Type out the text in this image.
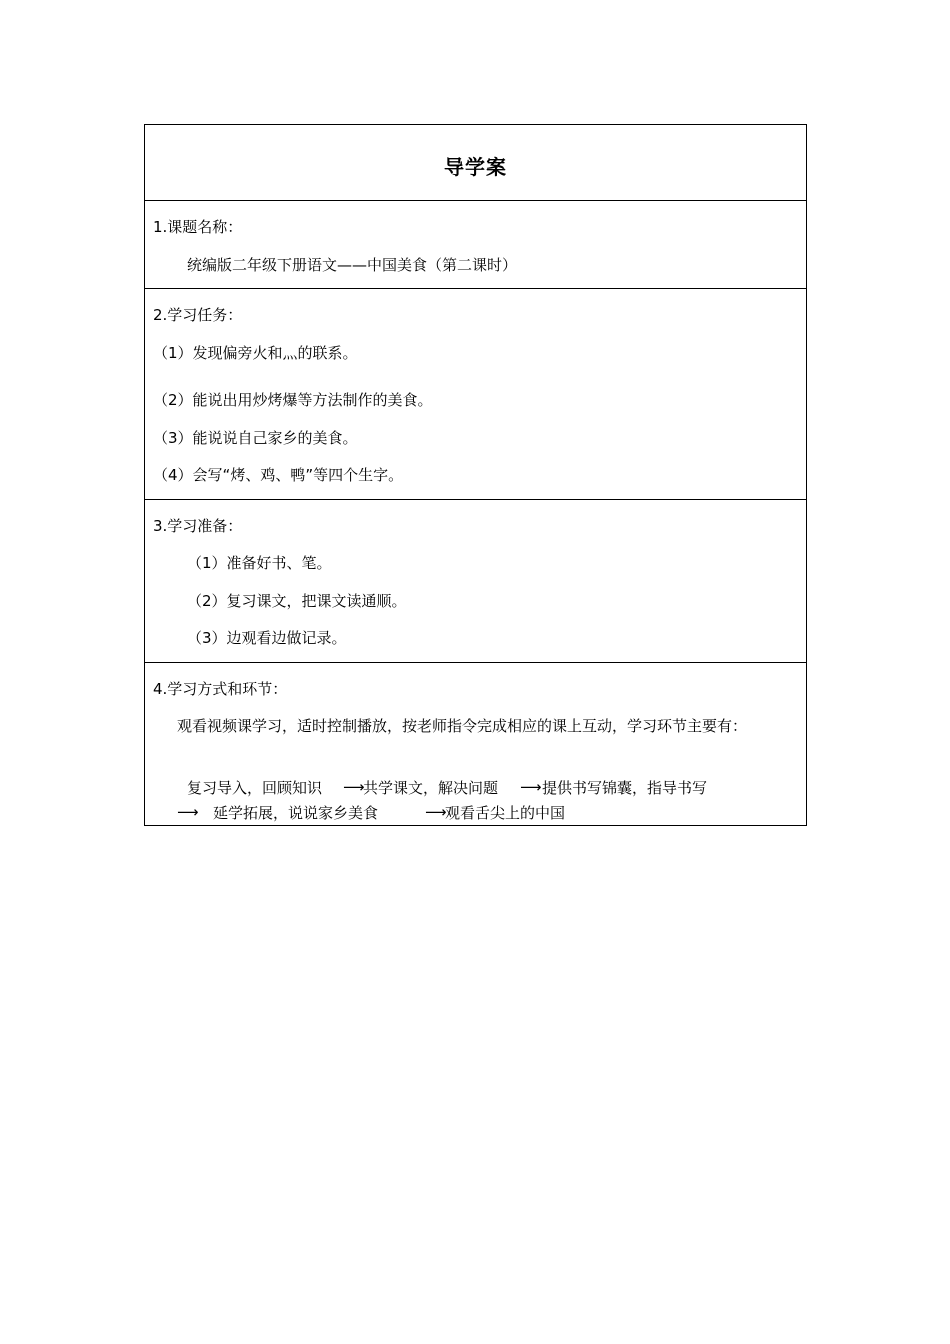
导学案
1.课题名称：
统编版二年级下册语文——中国美食（第二课时）
2.学习任务：
（1）发现偏旁火和灬的联系。
（2）能说出用炒烤爆等方法制作的美食。
（3）能说说自己家乡的美食。
（4）会写“烤、鸡、鸭”等四个生字。
3.学习准备：
（1）准备好书、笔。
（2）复习课文，把课文读通顺。
（3）边观看边做记录。
4.学习方式和环节：
观看视频课学习，适时控制播放，按老师指令完成相应的课上互动，学习环节主要有：
复习导入，回顾知识 ⟶
共学课文，解决问题 ⟶ 提供书写锦囊，指导书写
⟶ 延学拓展，说说家乡美食	⟶
观看舌尖上的中国
